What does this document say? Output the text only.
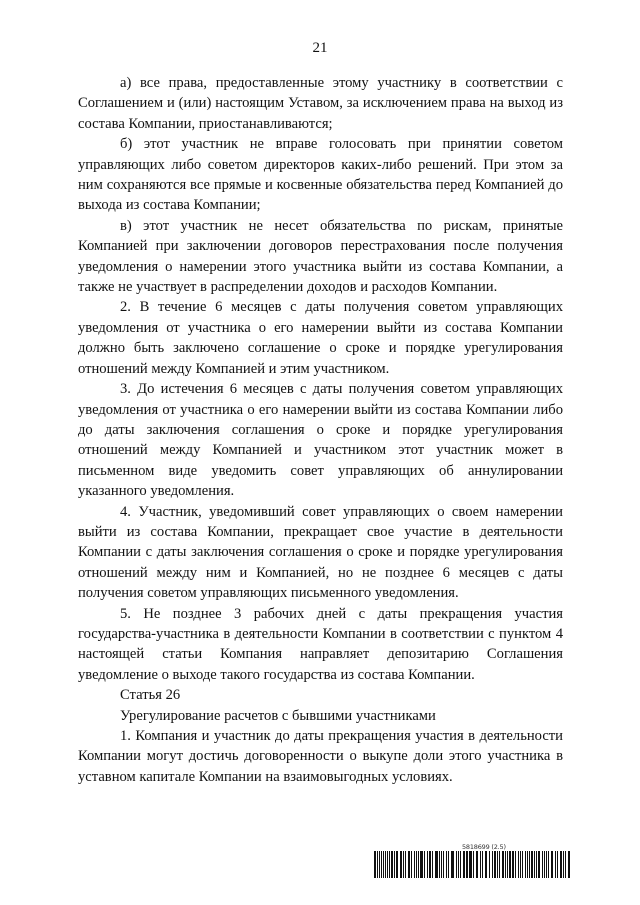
21

а) все права, предоставленные этому участнику в соответствии с Соглашением и (или) настоящим Уставом, за исключением права на выход из состава Компании, приостанавливаются;

б) этот участник не вправе голосовать при принятии советом управляющих либо советом директоров каких-либо решений. При этом за ним сохраняются все прямые и косвенные обязательства перед Компанией до выхода из состава Компании;

в) этот участник не несет обязательства по рискам, принятые Компанией при заключении договоров перестрахования после получения уведомления о намерении этого участника выйти из состава Компании, а также не участвует в распределении доходов и расходов Компании.

2. В течение 6 месяцев с даты получения советом управляющих уведомления от участника о его намерении выйти из состава Компании должно быть заключено соглашение о сроке и порядке урегулирования отношений между Компанией и этим участником.

3. До истечения 6 месяцев с даты получения советом управляющих уведомления от участника о его намерении выйти из состава Компании либо до даты заключения соглашения о сроке и порядке урегулирования отношений между Компанией и участником этот участник может в письменном виде уведомить совет управляющих об аннулировании указанного уведомления.

4. Участник, уведомивший совет управляющих о своем намерении выйти из состава Компании, прекращает свое участие в деятельности Компании с даты заключения соглашения о сроке и порядке урегулирования отношений между ним и Компанией, но не позднее 6 месяцев с даты получения советом управляющих письменного уведомления.

5. Не позднее 3 рабочих дней с даты прекращения участия государства-участника в деятельности Компании в соответствии с пунктом 4 настоящей статьи Компания направляет депозитарию Соглашения уведомление о выходе такого государства из состава Компании.

Статья 26

Урегулирование расчетов с бывшими участниками

1. Компания и участник до даты прекращения участия в деятельности Компании могут достичь договоренности о выкупе доли этого участника в уставном капитале Компании на взаимовыгодных условиях.

5818699 (2.5)
